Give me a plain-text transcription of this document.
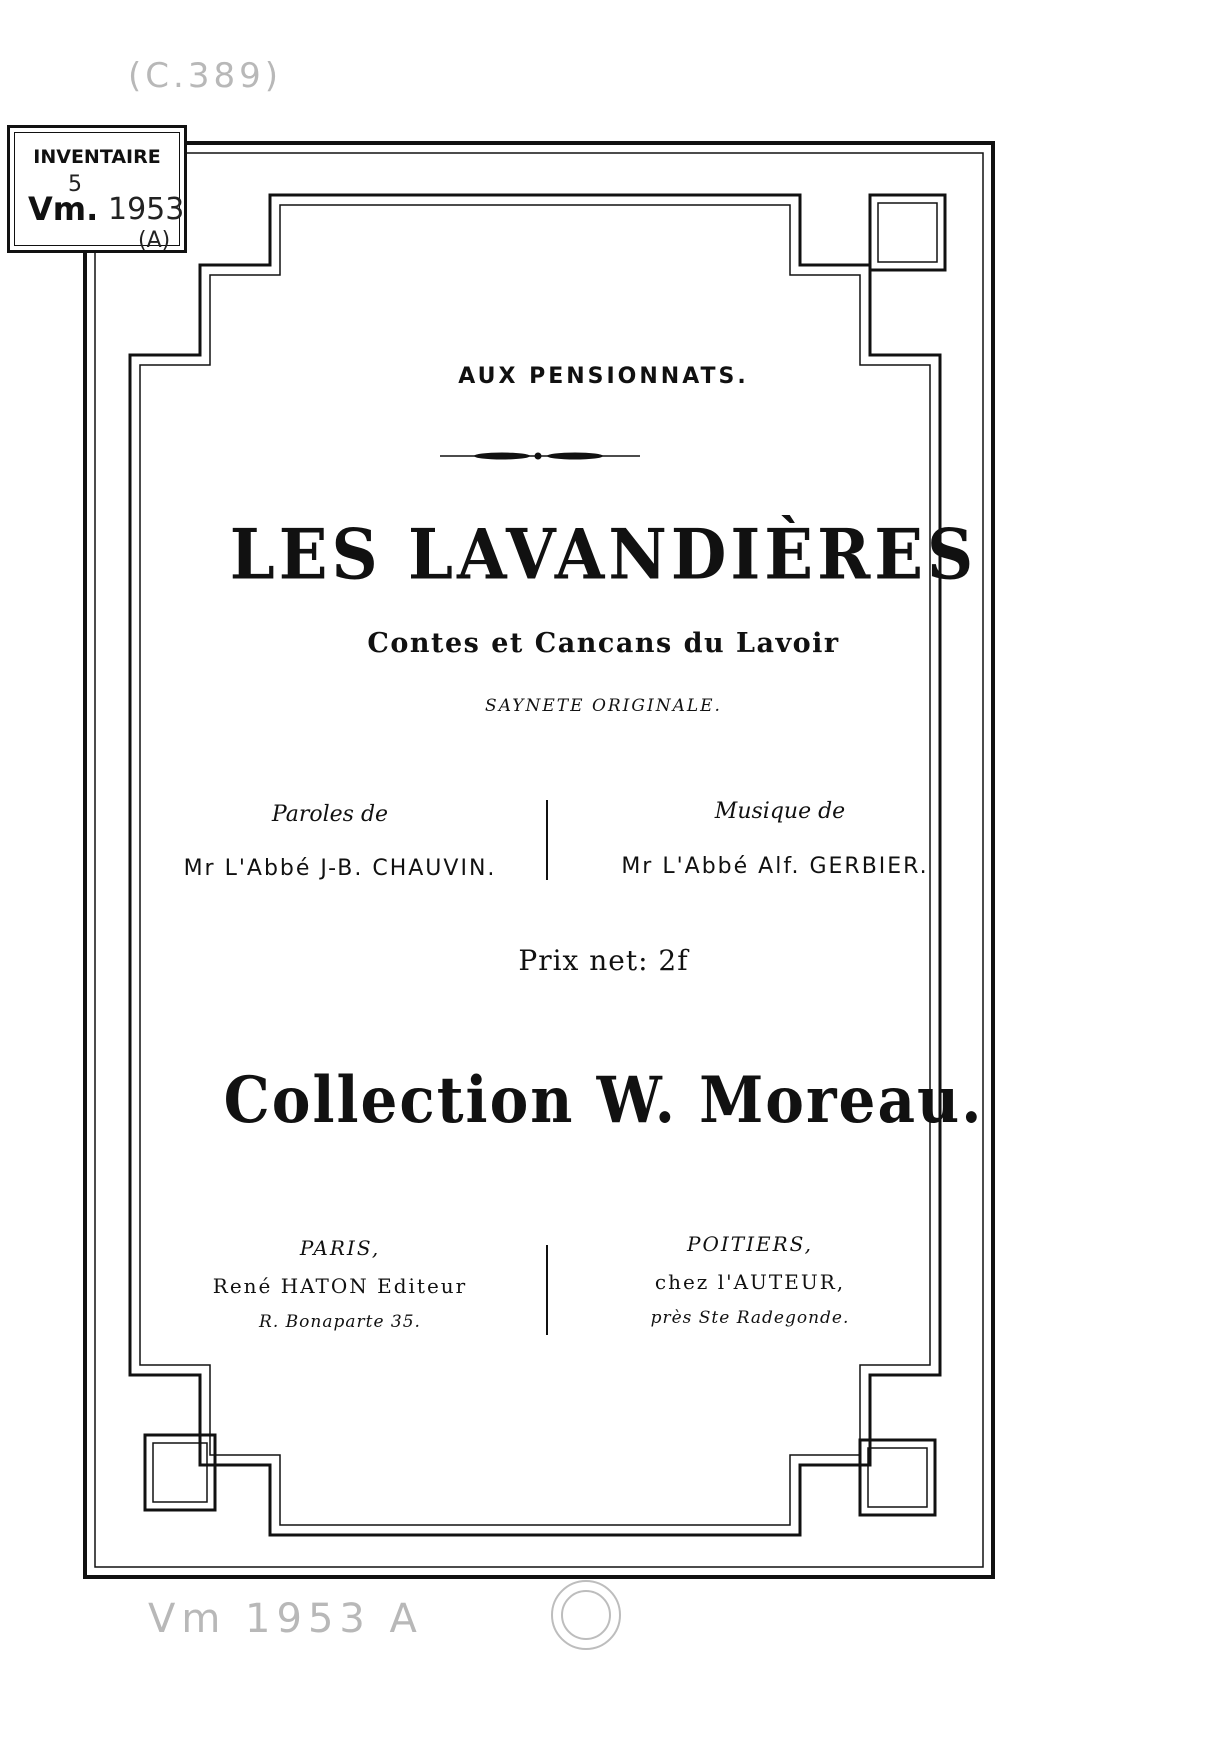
(C.389)
INVENTAIRE
Vm.
5
1953
(A)
AUX PENSIONNATS.
LES LAVANDIÈRES
Contes et Cancans du Lavoir
SAYNETE ORIGINALE.
Paroles de
Mr L'Abbé J-B. CHAUVIN.
Musique de
Mr L'Abbé Alf. GERBIER.
Prix net: 2f
Collection W. Moreau.
PARIS,
René HATON Editeur
R. Bonaparte 35.
POITIERS,
chez l'AUTEUR,
près Ste Radegonde.
Vm 1953 A
